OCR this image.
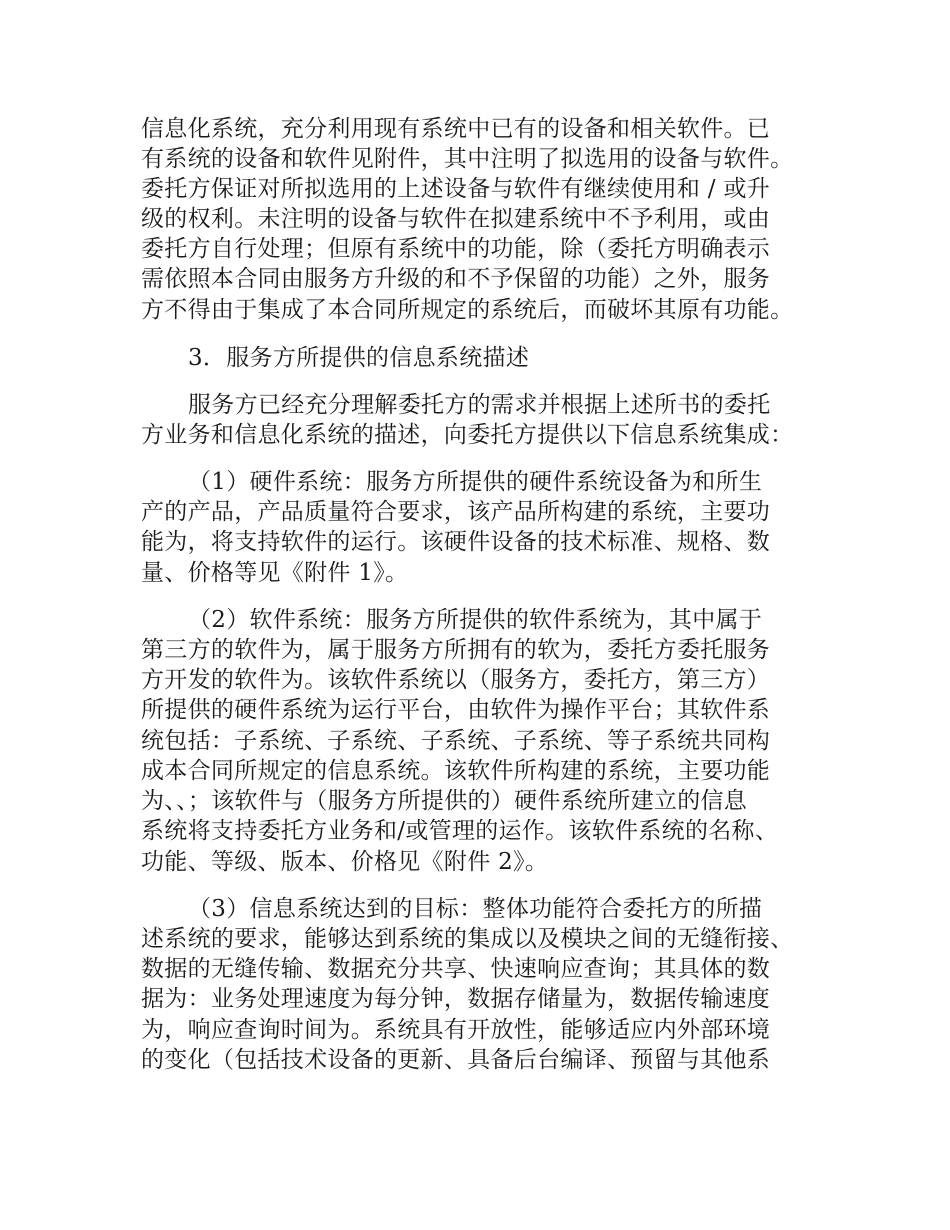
信息化系统，充分利用现有系统中已有的设备和相关软件。已
有系统的设备和软件见附件，其中注明了拟选用的设备与软件。
委托方保证对所拟选用的上述设备与软件有继续使用和 / 或升
级的权利。未注明的设备与软件在拟建系统中不予利用，或由
委托方自行处理；但原有系统中的功能，除（委托方明确表示
需依照本合同由服务方升级的和不予保留的功能）之外，服务
方不得由于集成了本合同所规定的系统后，而破坏其原有功能。
3．服务方所提供的信息系统描述
服务方已经充分理解委托方的需求并根据上述所书的委托
方业务和信息化系统的描述，向委托方提供以下信息系统集成：
（1）硬件系统：服务方所提供的硬件系统设备为和所生
产的产品，产品质量符合要求，该产品所构建的系统，主要功
能为，将支持软件的运行。该硬件设备的技术标准、规格、数
量、价格等见《附件 1》。
（2）软件系统：服务方所提供的软件系统为，其中属于
第三方的软件为，属于服务方所拥有的软为，委托方委托服务
方开发的软件为。该软件系统以（服务方，委托方，第三方）
所提供的硬件系统为运行平台，由软件为操作平台；其软件系
统包括：子系统、子系统、子系统、子系统、等子系统共同构
成本合同所规定的信息系统。该软件所构建的系统，主要功能
为、、；该软件与（服务方所提供的）硬件系统所建立的信息
系统将支持委托方业务和/或管理的运作。该软件系统的名称、
功能、等级、版本、价格见《附件 2》。
（3）信息系统达到的目标：整体功能符合委托方的所描
述系统的要求，能够达到系统的集成以及模块之间的无缝衔接、
数据的无缝传输、数据充分共享、快速响应查询；其具体的数
据为：业务处理速度为每分钟，数据存储量为，数据传输速度
为，响应查询时间为。系统具有开放性，能够适应内外部环境
的变化（包括技术设备的更新、具备后台编译、预留与其他系
